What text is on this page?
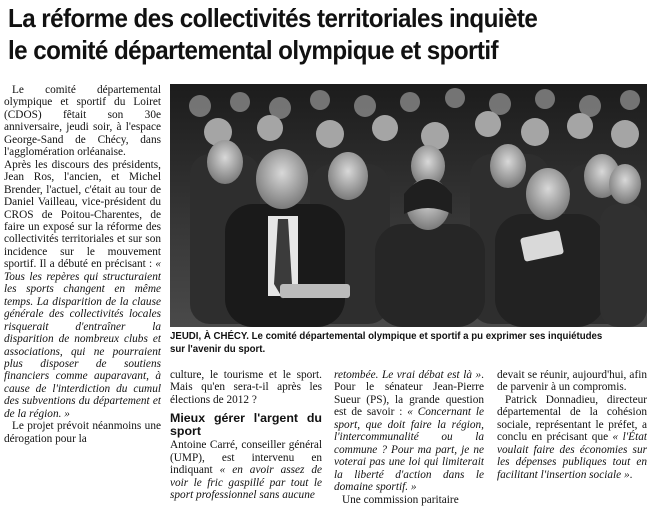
La réforme des collectivités territoriales inquiète
le comité départemental olympique et sportif

Le comité départemental olympique et sportif du Loiret (CDOS) fêtait son 30e anniversaire, jeudi soir, à l'espace George-Sand de Chécy, dans l'agglomération orléanaise.

Après les discours des présidents, Jean Ros, l'ancien, et Michel Brender, l'actuel, c'était au tour de Daniel Vailleau, vice-président du CROS de Poitou-Charentes, de faire un exposé sur la réforme des collectivités territoriales et sur son incidence sur le mouvement sportif. Il a débuté en précisant : « Tous les repères qui structuraient les sports changent en même temps. La disparition de la clause générale des collectivités locales risquerait d'entraîner la disparition de nombreux clubs et associations, qui ne pourraient plus disposer de soutiens financiers comme auparavant, à cause de l'interdiction du cumul des subventions du département et de la région. »

Le projet prévoit néanmoins une dérogation pour la

JEUDI, À CHÉCY. Le comité départemental olympique et sportif a pu exprimer ses inquiétudes sur l'avenir du sport.

culture, le tourisme et le sport. Mais qu'en sera-t-il après les élections de 2012 ?

Mieux gérer l'argent du sport

Antoine Carré, conseiller général (UMP), est intervenu en indiquant « en avoir assez de voir le fric gaspillé par tout le sport professionnel sans aucune

retombée. Le vrai débat est là ». Pour le sénateur Jean-Pierre Sueur (PS), la grande question est de savoir : « Concernant le sport, que doit faire la région, l'intercommunalité ou la commune ? Pour ma part, je ne voterai pas une loi qui limiterait la liberté d'action dans le domaine sportif. »

Une commission paritaire

devait se réunir, aujourd'hui, afin de parvenir à un compromis.

Patrick Donnadieu, directeur départemental de la cohésion sociale, représentant le préfet, a conclu en précisant que « l'État voulait faire des économies sur les dépenses publiques tout en facilitant l'insertion sociale ».
